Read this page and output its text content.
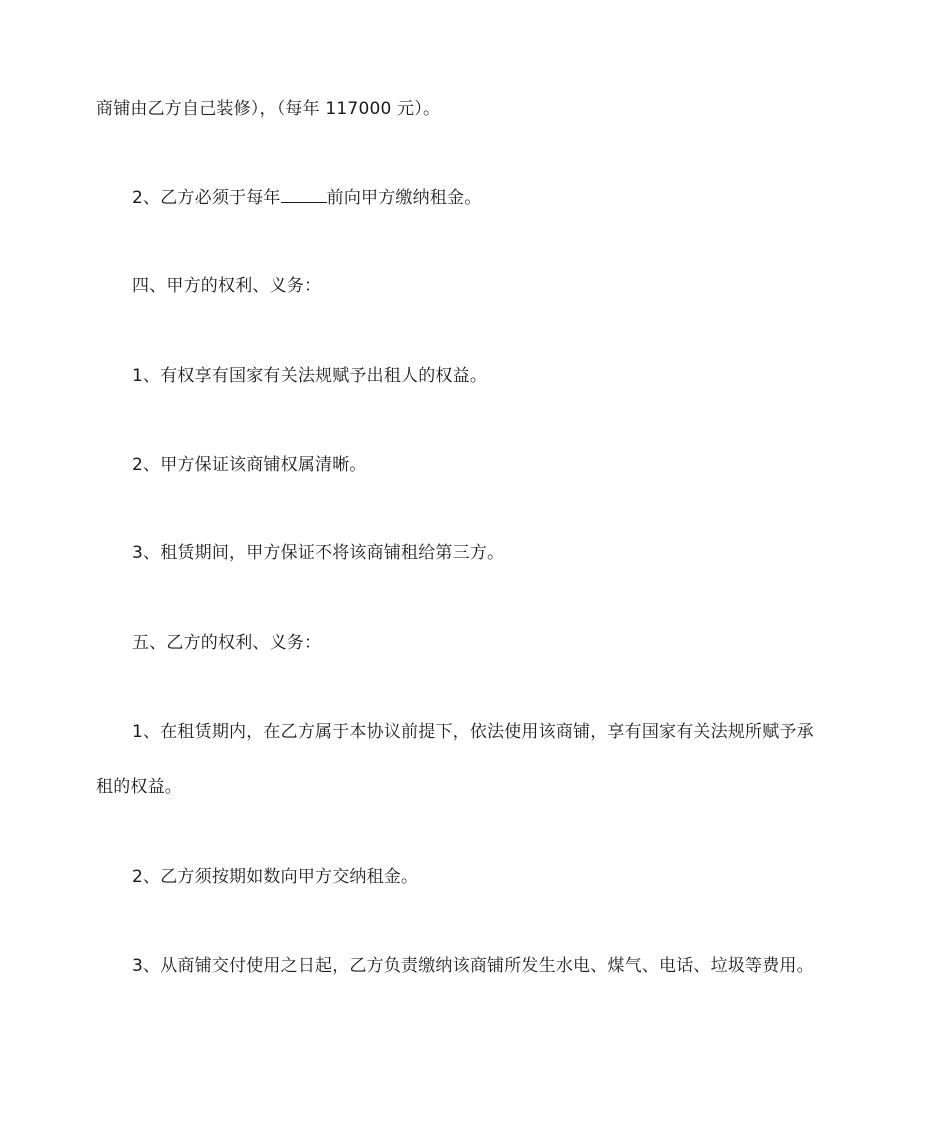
商铺由乙方自己装修），（每年 117000 元）。
2、乙方必须于每年	前向甲方缴纳租金。
四、甲方的权利、义务：
1、有权享有国家有关法规赋予出租人的权益。
2、甲方保证该商铺权属清晰。
3、租赁期间，甲方保证不将该商铺租给第三方。
五、乙方的权利、义务：
1、在租赁期内，在乙方属于本协议前提下，依法使用该商铺，享有国家有关法规所赋予承
租的权益。
2、乙方须按期如数向甲方交纳租金。
3、从商铺交付使用之日起，乙方负责缴纳该商铺所发生水电、煤气、电话、垃圾等费用。
